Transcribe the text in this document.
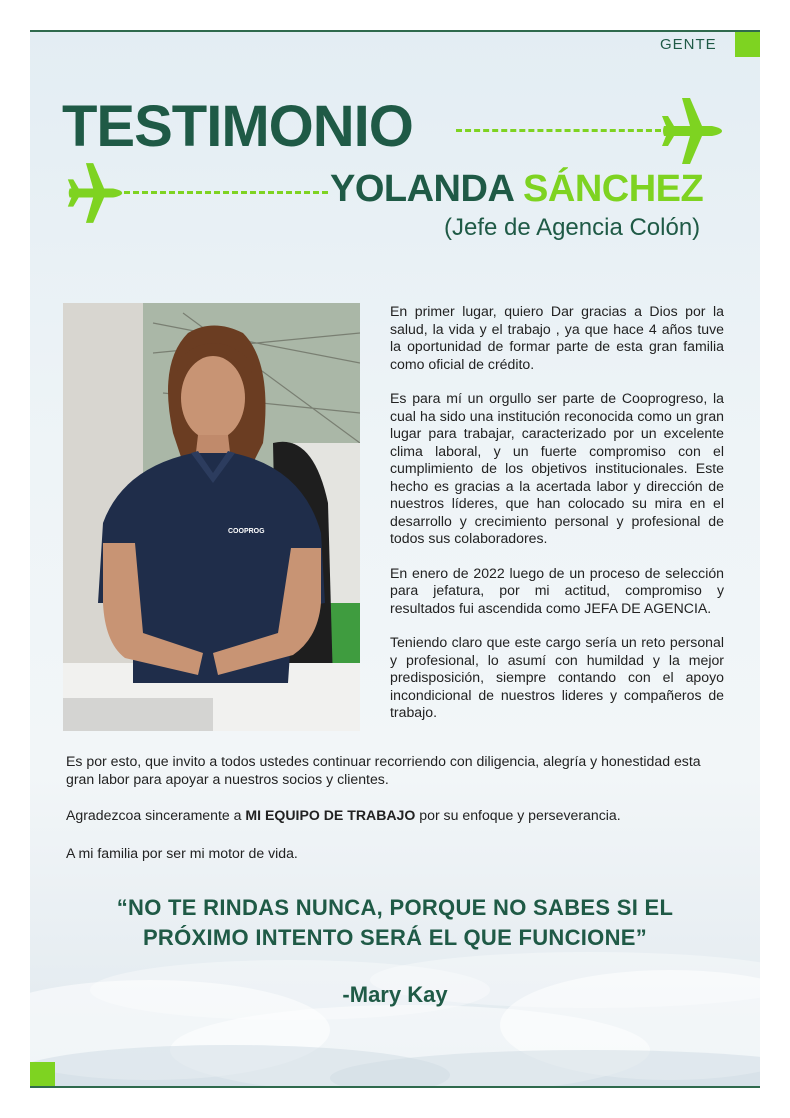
GENTE
TESTIMONIO
YOLANDA SÁNCHEZ
(Jefe de Agencia Colón)
COOPROG

En primer lugar, quiero Dar gracias a Dios por la salud, la vida y el trabajo , ya que hace 4 años tuve la oportunidad de formar parte de esta gran familia como oficial de crédito.

Es para mí un orgullo ser parte de Cooprogreso, la cual ha sido una institución reconocida como un gran lugar para trabajar, caracterizado por un excelente clima laboral, y un fuerte compromiso con el cumplimiento de los objetivos institucionales. Este hecho es gracias a la acertada labor y dirección de nuestros líderes, que han colocado su mira en el desarrollo y crecimiento personal y profesional de todos sus colaboradores.

En enero de 2022 luego de un proceso de selección para jefatura, por mi actitud, compromiso y resultados fui ascendida como JEFA DE AGENCIA.

Teniendo claro que este cargo sería un reto personal y profesional, lo asumí con humildad y la mejor predisposición, siempre contando con el apoyo incondicional de nuestros lideres y compañeros de trabajo.

Es por esto, que invito a todos ustedes continuar recorriendo con diligencia, alegría y honestidad esta gran labor para apoyar a nuestros socios y clientes.

Agradezcoa sinceramente a MI EQUIPO DE TRABAJO por su enfoque y perseverancia.

A mi familia por ser mi motor de vida.

“NO TE RINDAS NUNCA, PORQUE NO SABES SI EL
PRÓXIMO INTENTO SERÁ EL QUE FUNCIONE”
-Mary Kay
